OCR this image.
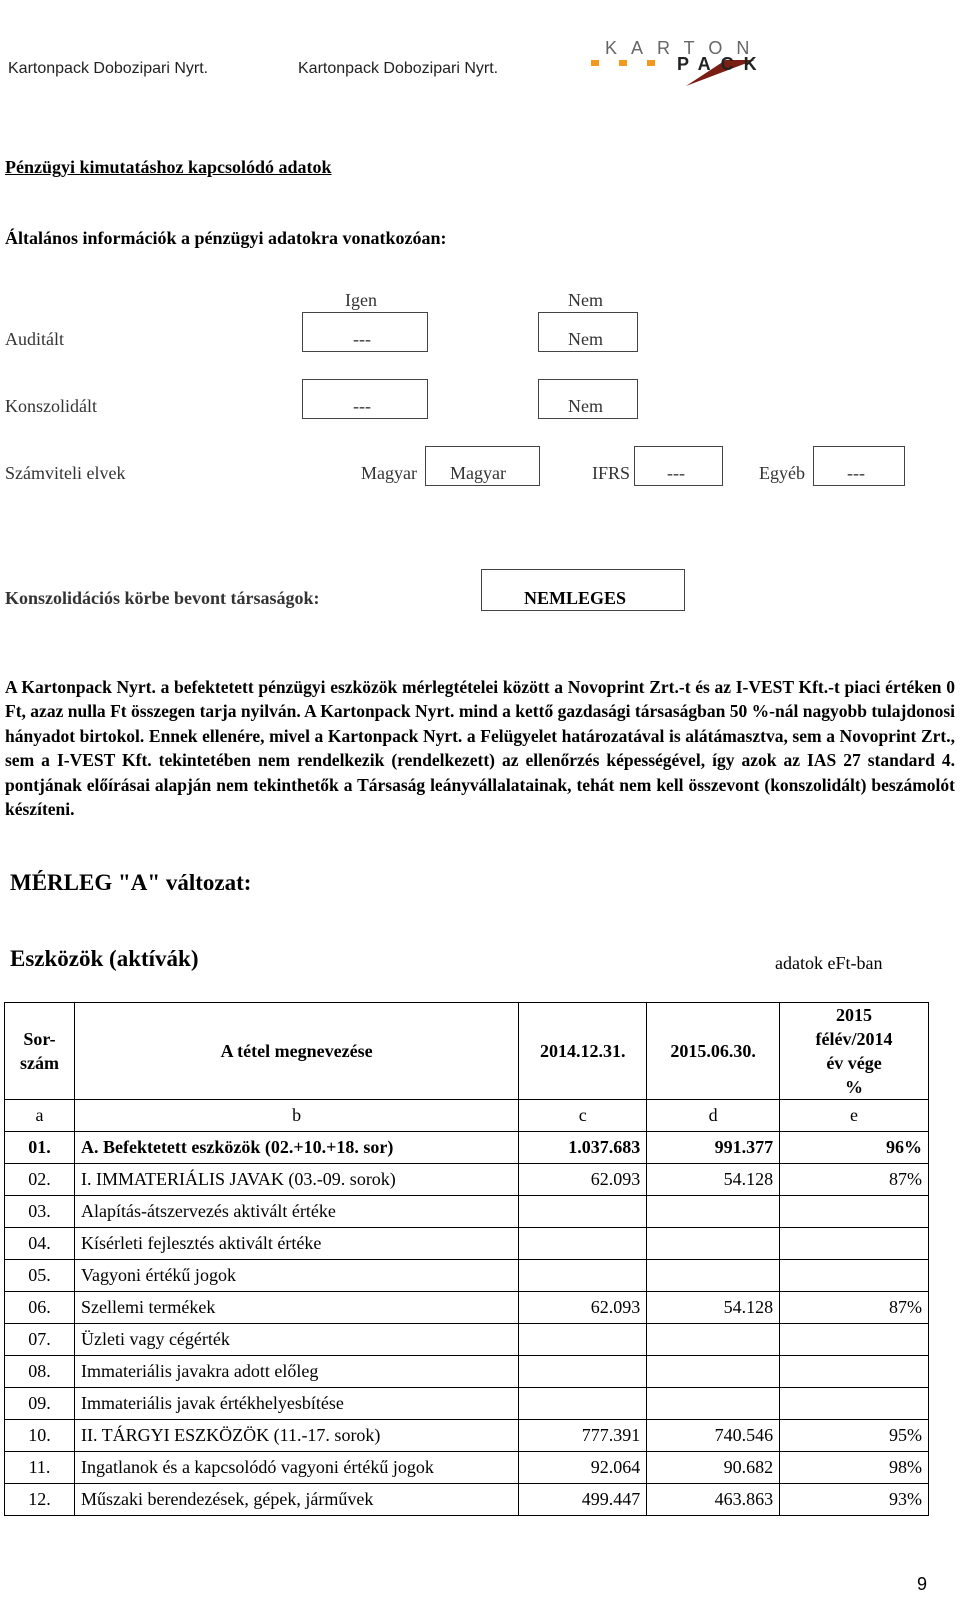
Kartonpack Dobozipari Nyrt.	Kartonpack Dobozipari Nyrt.
KARTON
PACK
Pénzügyi kimutatáshoz kapcsolódó adatok
Általános információk a pénzügyi adatokra vonatkozóan:
Igen	Nem
Auditált	---	Nem
Konszolidált	---	Nem
Számviteli elvek	Magyar Magyar	IFRS ---	Egyéb ---
Konszolidációs körbe bevont társaságok:	NEMLEGES
A Kartonpack Nyrt. a befektetett pénzügyi eszközök mérlegtételei között a Novoprint Zrt.-t és az I-VEST Kft.-t piaci értéken 0 Ft, azaz nulla Ft összegen tarja nyilván. A Kartonpack Nyrt. mind a kettő gazdasági társaságban 50 %-nál nagyobb tulajdonosi hányadot birtokol. Ennek ellenére, mivel a Kartonpack Nyrt. a Felügyelet határozatával is alátámasztva, sem a Novoprint Zrt., sem a I-VEST Kft. tekintetében nem rendelkezik (rendelkezett) az ellenőrzés képességével, így azok az IAS 27 standard 4. pontjának előírásai alapján nem tekinthetők a Társaság leányvállalatainak, tehát nem kell összevont (konszolidált) beszámolót készíteni.
MÉRLEG "A" változat:
Eszközök (aktívák)	adatok eFt-ban
Sor-szám	A tétel megnevezése	2014.12.31.	2015.06.30.	2015
félév/2014
év vége
%

a	b	c	d	e
01.	A. Befektetett eszközök (02.+10.+18. sor)	1.037.683	991.377	96%
02.	I. IMMATERIÁLIS JAVAK (03.-09. sorok)	62.093	54.128	87%
03.	Alapítás-átszervezés aktivált értéke			
04.	Kísérleti fejlesztés aktivált értéke			
05.	Vagyoni értékű jogok			
06.	Szellemi termékek	62.093	54.128	87%
07.	Üzleti vagy cégérték			
08.	Immateriális javakra adott előleg			
09.	Immateriális javak értékhelyesbítése			
10.	II. TÁRGYI ESZKÖZÖK (11.-17. sorok)	777.391	740.546	95%
11.	Ingatlanok és a kapcsolódó vagyoni értékű jogok	92.064	90.682	98%
12.	Műszaki berendezések, gépek, járművek	499.447	463.863	93%
9
